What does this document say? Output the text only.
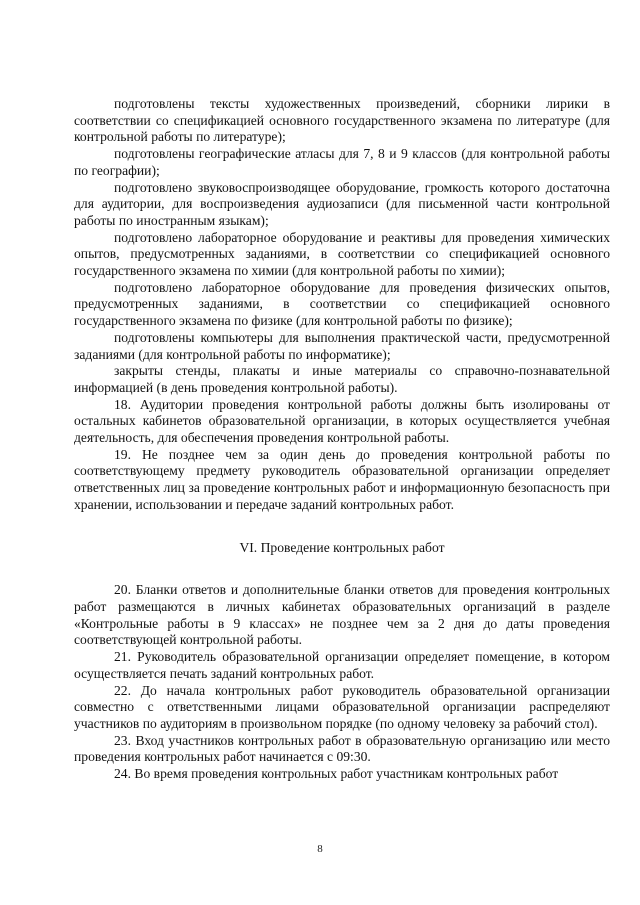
подготовлены тексты художественных произведений, сборники лирики в соответствии со спецификацией основного государственного экзамена по литературе (для контрольной работы по литературе);

подготовлены географические атласы для 7, 8 и 9 классов (для контрольной работы по географии);

подготовлено звуковоспроизводящее оборудование, громкость которого достаточна для аудитории, для воспроизведения аудиозаписи (для письменной части контрольной работы по иностранным языкам);

подготовлено лабораторное оборудование и реактивы для проведения химических опытов, предусмотренных заданиями, в соответствии со спецификацией основного государственного экзамена по химии (для контрольной работы по химии);

подготовлено лабораторное оборудование для проведения физических опытов, предусмотренных заданиями, в соответствии со спецификацией основного государственного экзамена по физике (для контрольной работы по физике);

подготовлены компьютеры для выполнения практической части, предусмотренной заданиями (для контрольной работы по информатике);

закрыты стенды, плакаты и иные материалы со справочно-познавательной информацией (в день проведения контрольной работы).

18. Аудитории проведения контрольной работы должны быть изолированы от остальных кабинетов образовательной организации, в которых осуществляется учебная деятельность, для обеспечения проведения контрольной работы.

19. Не позднее чем за один день до проведения контрольной работы по соответствующему предмету руководитель образовательной организации определяет ответственных лиц за проведение контрольных работ и информационную безопасность при хранении, использовании и передаче заданий контрольных работ.

VI. Проведение контрольных работ

20. Бланки ответов и дополнительные бланки ответов для проведения контрольных работ размещаются в личных кабинетах образовательных организаций в разделе «Контрольные работы в 9 классах» не позднее чем за 2 дня до даты проведения соответствующей контрольной работы.

21. Руководитель образовательной организации определяет помещение, в котором осуществляется печать заданий контрольных работ.

22. До начала контрольных работ руководитель образовательной организации совместно с ответственными лицами образовательной организации распределяют участников по аудиториям в произвольном порядке (по одному человеку за рабочий стол).

23. Вход участников контрольных работ в образовательную организацию или место проведения контрольных работ начинается с 09:30.

24. Во время проведения контрольных работ участникам контрольных работ

8
